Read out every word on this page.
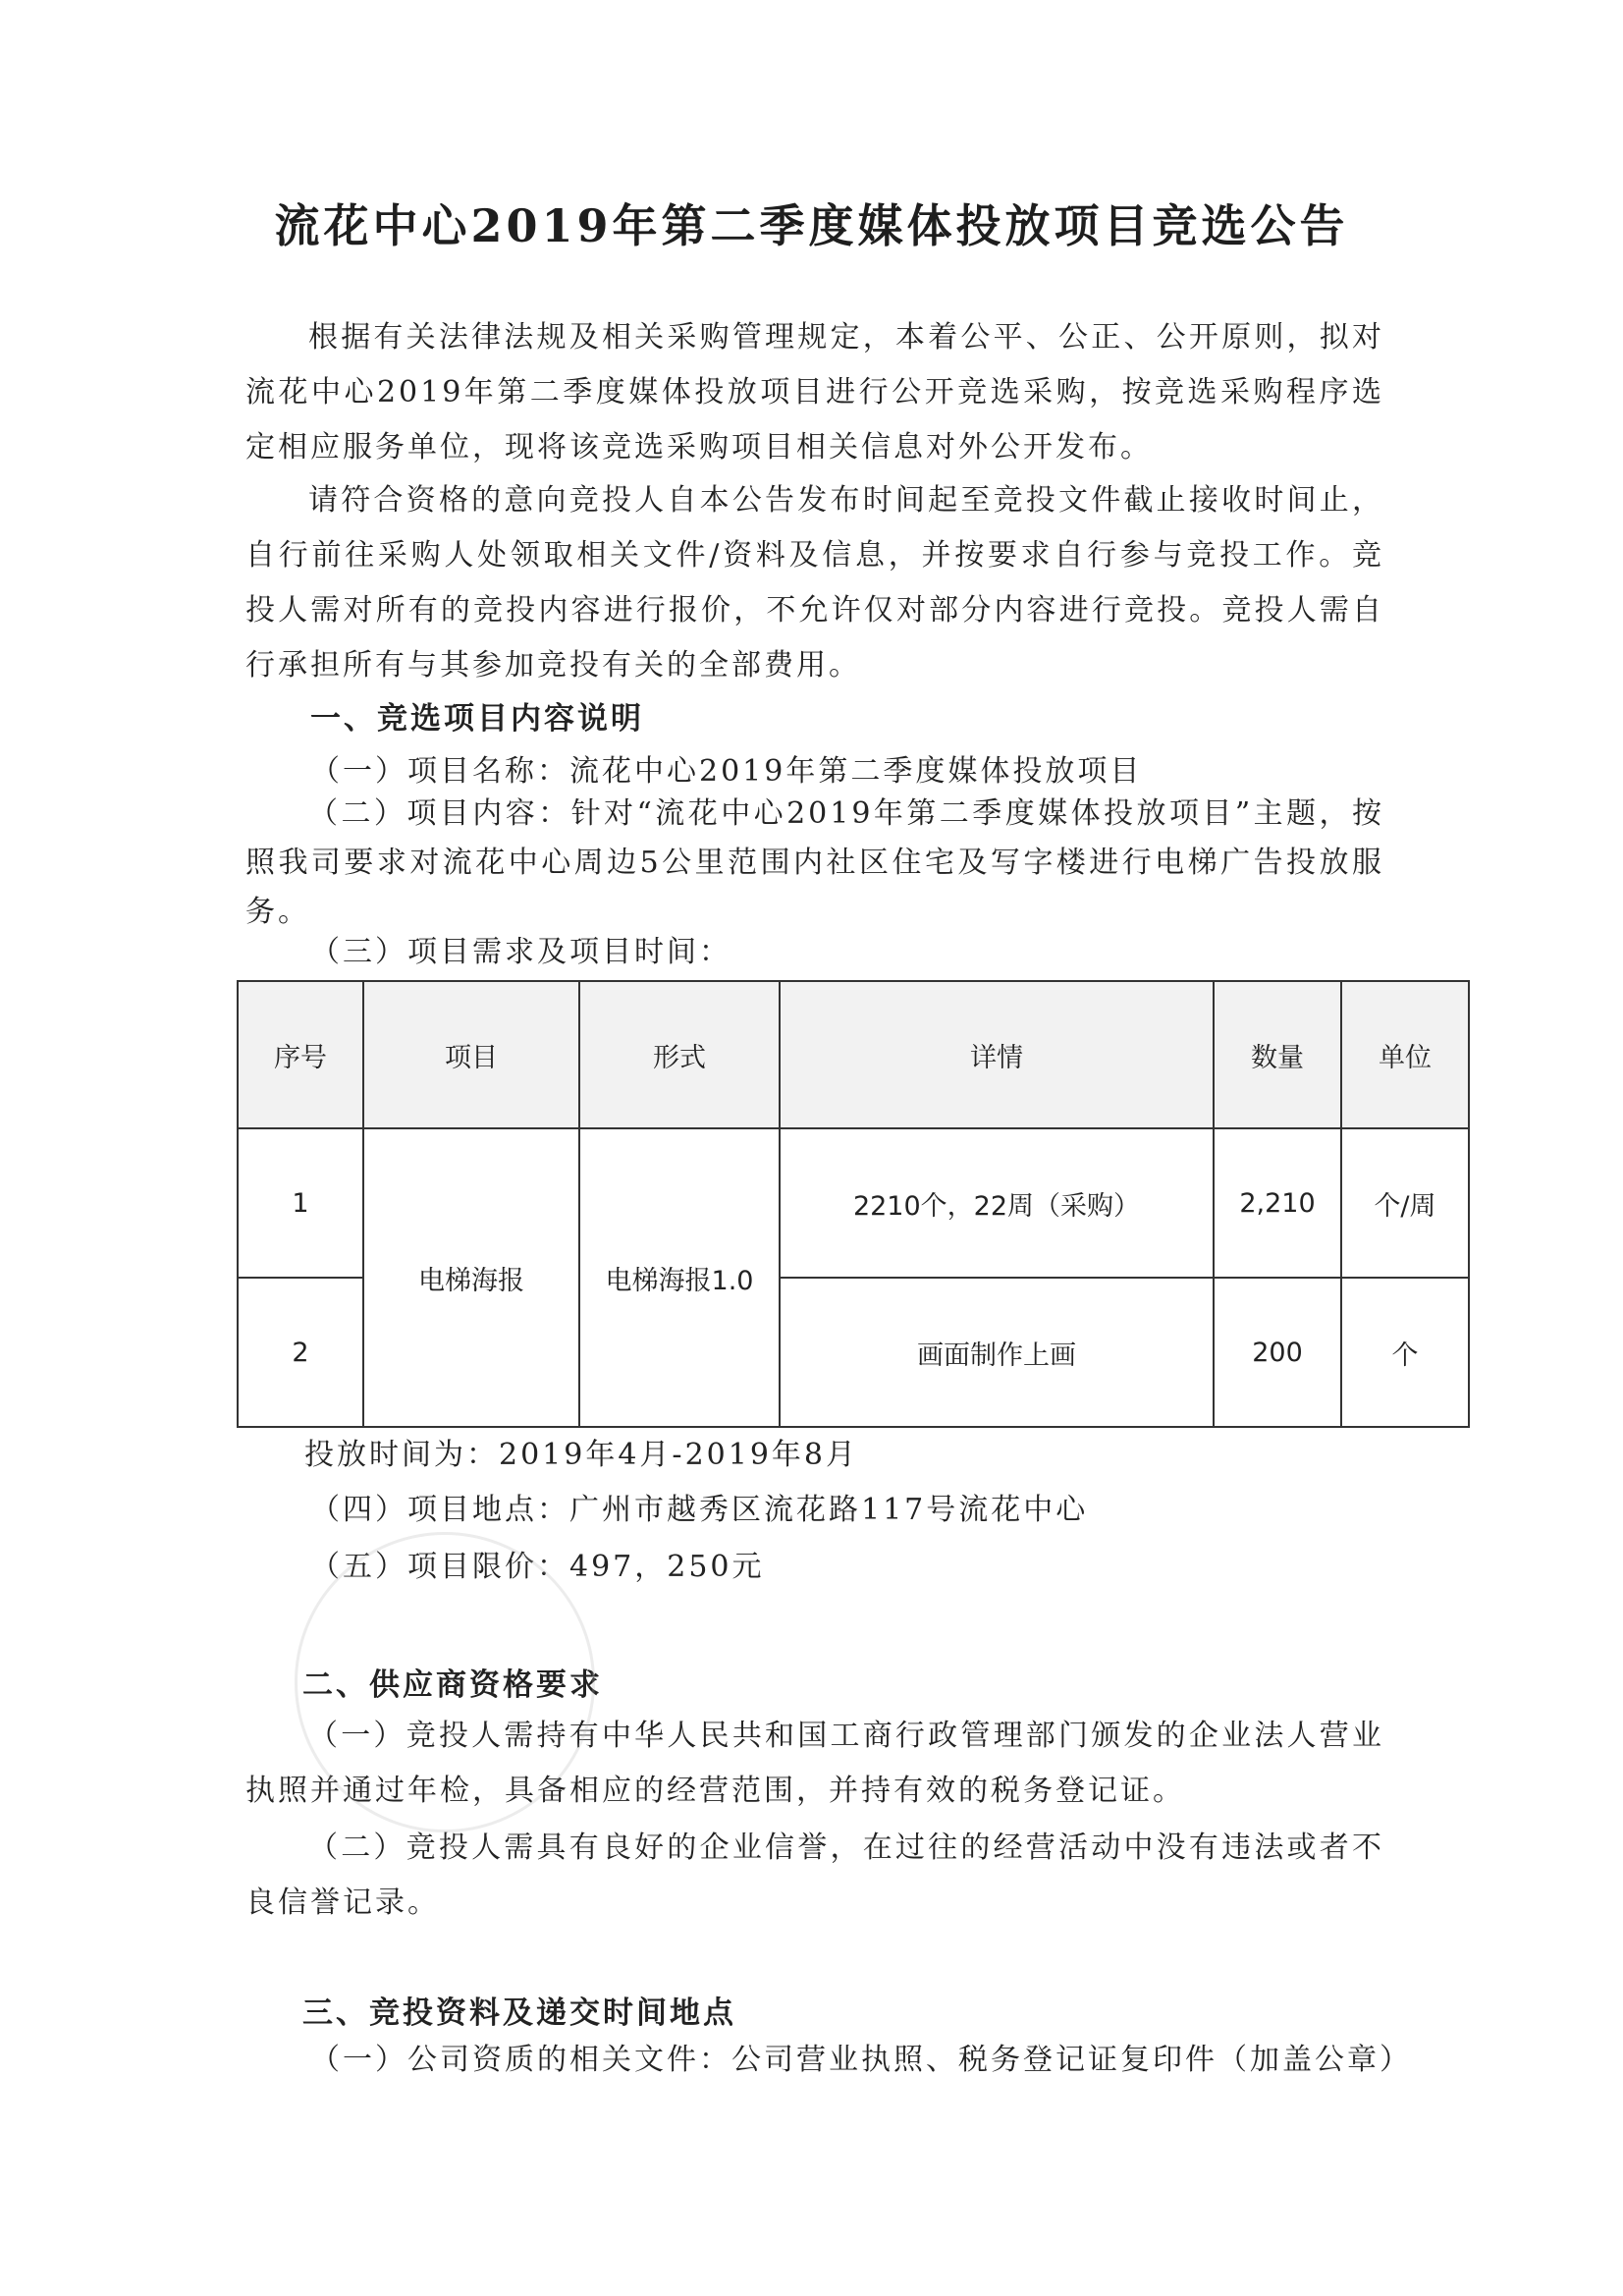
流花中心2019年第二季度媒体投放项目竞选公告

根据有关法律法规及相关采购管理规定，本着公平、公正、公开原则，拟对流花中心2019年第二季度媒体投放项目进行公开竞选采购，按竞选采购程序选定相应服务单位，现将该竞选采购项目相关信息对外公开发布。

请符合资格的意向竞投人自本公告发布时间起至竞投文件截止接收时间止，自行前往采购人处领取相关文件/资料及信息，并按要求自行参与竞投工作。竞投人需对所有的竞投内容进行报价，不允许仅对部分内容进行竞投。竞投人需自行承担所有与其参加竞投有关的全部费用。

一、竞选项目内容说明
（一）项目名称：流花中心2019年第二季度媒体投放项目

（二）项目内容：针对“流花中心2019年第二季度媒体投放项目”主题，按照我司要求对流花中心周边5公里范围内社区住宅及写字楼进行电梯广告投放服务。

（三）项目需求及项目时间：
序号	项目	形式	详情	数量	单位
1	电梯海报	电梯海报1.0	2210个，22周（采购）	2,210	个/周
2			画面制作上画	200	个
投放时间为：2019年4月-2019年8月
（四）项目地点：广州市越秀区流花路117号流花中心
（五）项目限价：497，250元
二、供应商资格要求

（一）竞投人需持有中华人民共和国工商行政管理部门颁发的企业法人营业执照并通过年检，具备相应的经营范围，并持有效的税务登记证。

（二）竞投人需具有良好的企业信誉，在过往的经营活动中没有违法或者不良信誉记录。

三、竞投资料及递交时间地点
（一）公司资质的相关文件：公司营业执照、税务登记证复印件（加盖公章）
